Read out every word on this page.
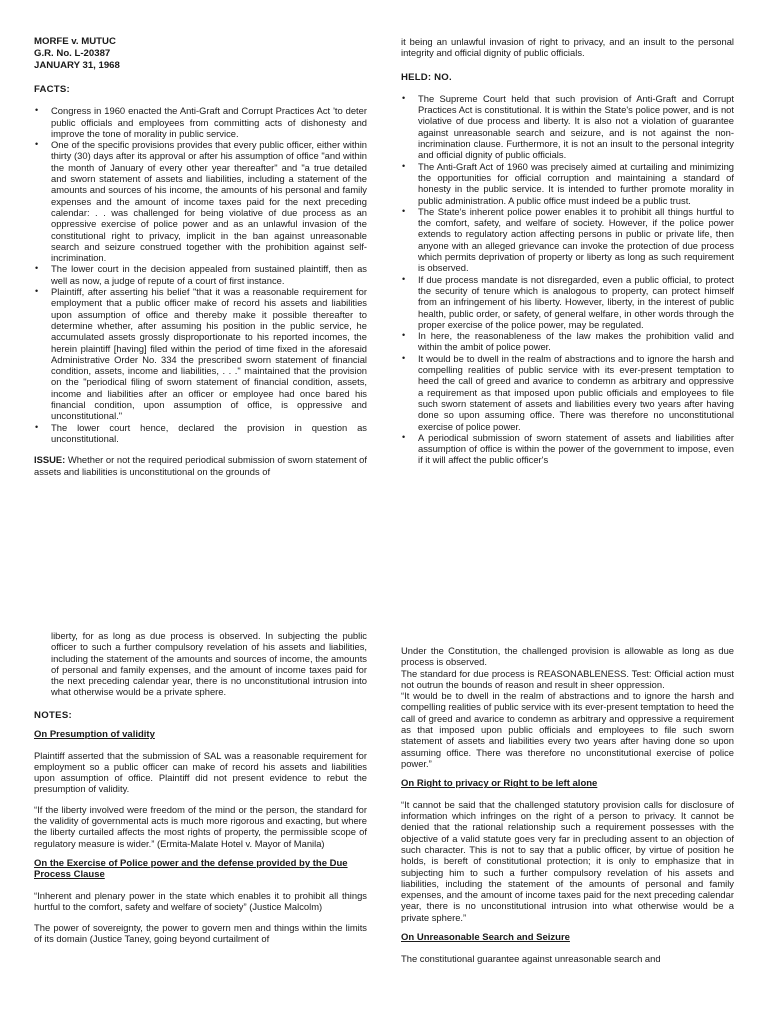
MORFE v. MUTUC
G.R. No. L-20387
JANUARY 31, 1968
FACTS:
• Congress in 1960 enacted the Anti-Graft and Corrupt Practices Act 'to deter public officials and employees from committing acts of dishonesty and improve the tone of morality in public service.
• One of the specific provisions provides that every public officer, either within thirty (30) days after its approval or after his assumption of office "and within the month of January of every other year thereafter" and "a true detailed and sworn statement of assets and liabilities, including a statement of the amounts and sources of his income, the amounts of his personal and family expenses and the amount of income taxes paid for the next preceding calendar: . . was challenged for being violative of due process as an oppressive exercise of police power and as an unlawful invasion of the constitutional right to privacy, implicit in the ban against unreasonable search and seizure construed together with the prohibition against self-incrimination.
• The lower court in the decision appealed from sustained plaintiff, then as well as now, a judge of repute of a court of first instance.
• Plaintiff, after asserting his belief "that it was a reasonable requirement for employment that a public officer make of record his assets and liabilities upon assumption of office and thereby make it possible thereafter to determine whether, after assuming his position in the public service, he accumulated assets grossly disproportionate to his reported incomes, the herein plaintiff [having] filed within the period of time fixed in the aforesaid Administrative Order No. 334 the prescribed sworn statement of financial condition, assets, income and liabilities, . . ." maintained that the provision on the "periodical filing of sworn statement of financial condition, assets, income and liabilities after an officer or employee had once bared his financial condition, upon assumption of office, is oppressive and unconstitutional."
• The lower court hence, declared the provision in question as unconstitutional.
ISSUE: Whether or not the required periodical submission of sworn statement of assets and liabilities is unconstitutional on the grounds of
it being an unlawful invasion of right to privacy, and an insult to the personal integrity and official dignity of public officials.
HELD: NO.
• The Supreme Court held that such provision of Anti-Graft and Corrupt Practices Act is constitutional. It is within the State's police power, and is not violative of due process and liberty. It is also not a violation of guarantee against unreasonable search and seizure, and is not against the non-incrimination clause. Furthermore, it is not an insult to the personal integrity and official dignity of public officials.
• The Anti-Graft Act of 1960 was precisely aimed at curtailing and minimizing the opportunities for official corruption and maintaining a standard of honesty in the public service. It is intended to further promote morality in public administration. A public office must indeed be a public trust.
• The State's inherent police power enables it to prohibit all things hurtful to the comfort, safety, and welfare of society. However, if the police power extends to regulatory action affecting persons in public or private life, then anyone with an alleged grievance can invoke the protection of due process which permits deprivation of property or liberty as long as such requirement is observed.
• If due process mandate is not disregarded, even a public official, to protect the security of tenure which is analogous to property, can protect himself from an infringement of his liberty. However, liberty, in the interest of public health, public order, or safety, of general welfare, in other words through the proper exercise of the police power, may be regulated.
• In here, the reasonableness of the law makes the prohibition valid and within the ambit of police power.
• It would be to dwell in the realm of abstractions and to ignore the harsh and compelling realities of public service with its ever-present temptation to heed the call of greed and avarice to condemn as arbitrary and oppressive a requirement as that imposed upon public officials and employees to file such sworn statement of assets and liabilities every two years after having done so upon assuming office. There was therefore no unconstitutional exercise of police power.
• A periodical submission of sworn statement of assets and liabilities after assumption of office is within the power of the government to impose, even if it will affect the public officer's
liberty, for as long as due process is observed. In subjecting the public officer to such a further compulsory revelation of his assets and liabilities, including the statement of the amounts and sources of income, the amounts of personal and family expenses, and the amount of income taxes paid for the next preceding calendar year, there is no unconstitutional intrusion into what otherwise would be a private sphere.
NOTES:
On Presumption of validity
Plaintiff asserted that the submission of SAL was a reasonable requirement for employment so a public officer can make of record his assets and liabilities upon assumption of office. Plaintiff did not present evidence to rebut the presumption of validity.
“If the liberty involved were freedom of the mind or the person, the standard for the validity of governmental acts is much more rigorous and exacting, but where the liberty curtailed affects the most rights of property, the permissible scope of regulatory measure is wider.” (Ermita-Malate Hotel v. Mayor of Manila)
On the Exercise of Police power and the defense provided by the Due Process Clause
“Inherent and plenary power in the state which enables it to prohibit all things hurtful to the comfort, safety and welfare of society” (Justice Malcolm)
The power of sovereignty, the power to govern men and things within the limits of its domain (Justice Taney, going beyond curtailment of
Under the Constitution, the challenged provision is allowable as long as due process is observed.
The standard for due process is REASONABLENESS. Test: Official action must not outrun the bounds of reason and result in sheer oppression.
“It would be to dwell in the realm of abstractions and to ignore the harsh and compelling realities of public service with its ever-present temptation to heed the call of greed and avarice to condemn as arbitrary and oppressive a requirement as that imposed upon public officials and employees to file such sworn statement of assets and liabilities every two years after having done so upon assuming office. There was therefore no unconstitutional exercise of police power.”
On Right to privacy or Right to be left alone
“It cannot be said that the challenged statutory provision calls for disclosure of information which infringes on the right of a person to privacy. It cannot be denied that the rational relationship such a requirement possesses with the objective of a valid statute goes very far in precluding assent to an objection of such character. This is not to say that a public officer, by virtue of position he holds, is bereft of constitutional protection; it is only to emphasize that in subjecting him to such a further compulsory revelation of his assets and liabilities, including the statement of the amounts of personal and family expenses, and the amount of income taxes paid for the next preceding calendar year, there is no unconstitutional intrusion into what otherwise would be a private sphere.”
On Unreasonable Search and Seizure
The constitutional guarantee against unreasonable search and
